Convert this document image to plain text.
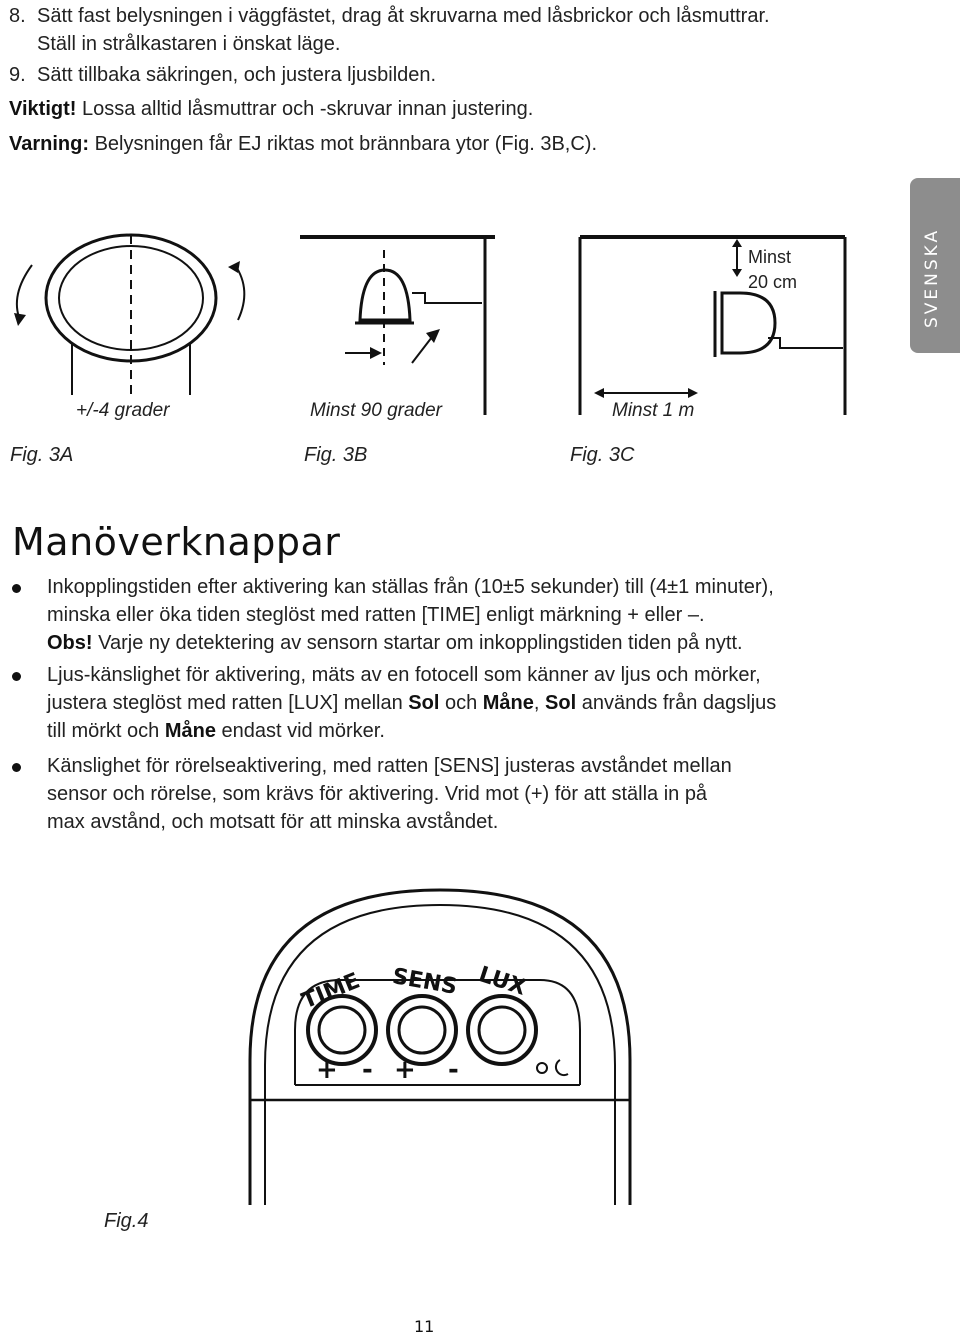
8. Sätt fast belysningen i väggfästet, drag åt skruvarna med låsbrickor och låsmuttrar.
Ställ in strålkastaren i önskat läge.
9. Sätt tillbaka säkringen, och justera ljusbilden.
Viktigt! Lossa alltid låsmuttrar och -skruvar innan justering.
Varning: Belysningen får EJ riktas mot brännbara ytor (Fig. 3B,C).
SVENSKA
Minst
20 cm
+/-4 grader	Minst 90 grader	Minst 1 m
Fig. 3A	Fig. 3B	Fig. 3C
Manöverknappar
Inkopplingstiden efter aktivering kan ställas från (10±5 sekunder) till (4±1 minuter),
minska eller öka tiden steglöst med ratten [TIME] enligt märkning + eller –.
Obs! Varje ny detektering av sensorn startar om inkopplingstiden tiden på nytt.
Ljus-känslighet för aktivering, mäts av en fotocell som känner av ljus och mörker,
justera steglöst med ratten [LUX] mellan Sol och Måne, Sol används från dagsljus
till mörkt och Måne endast vid mörker.
Känslighet för rörelseaktivering, med ratten [SENS] justeras avståndet mellan
sensor och rörelse, som krävs för aktivering. Vrid mot (+) för att ställa in på
max avstånd, och motsatt för att minska avståndet.
+ - + -
TIME SENS LUX
Fig.4
11
